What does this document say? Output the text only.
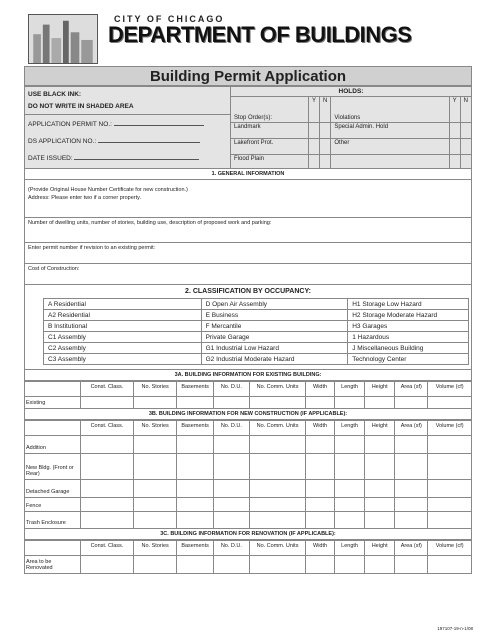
CITY OF CHICAGO
DEPARTMENT OF BUILDINGS
Building Permit Application
USE BLACK INK:
DO NOT WRITE IN SHADED AREA
APPLICATION PERMIT NO.:
DS APPLICATION NO.:
DATE ISSUED:	HOLDS:					
	Stop Order(s):	Y	N	Violations	Y	N
	Landmark			Special Admin. Hold		
	Lakefront Prot.			Other		
	Flood Plain					
1. GENERAL INFORMATION
(Provide Original House Number Certificate for new construction.)
Address: Please enter two if a corner property.
Number of dwelling units, number of stories, building use, description of proposed work and parking:
Enter permit number if revision to an existing permit:
Cost of Construction:
2. CLASSIFICATION BY OCCUPANCY:
A Residential	D Open Air Assembly	H1 Storage Low Hazard
A2 Residential	E Business	H2 Storage Moderate Hazard
B Institutional	F Mercantile	H3 Garages
C1 Assembly	Private Garage	1 Hazardous
C2 Assembly	G1 Industrial Low Hazard	J Miscellaneous Building
C3 Assembly	G2 Industrial Moderate Hazard	Technology Center
3A. BUILDING INFORMATION FOR EXISTING BUILDING:
	Const. Class.	No. Stories	Basements	No. D.U.	No. Comm. Units	Width	Length	Height	Area (sf)	Volume (cf)
Existing										
3B. BUILDING INFORMATION FOR NEW CONSTRUCTION (IF APPLICABLE):
	Const. Class.	No. Stories	Basements	No. D.U.	No. Comm. Units	Width	Length	Height	Area (sf)	Volume (cf)
Addition										
New Bldg. (Front or Rear)										
Detached Garage										
Fence										
Trash Enclosure										
3C. BUILDING INFORMATION FOR RENOVATION (IF APPLICABLE):
	Const. Class.	No. Stories	Basements	No. D.U.	No. Comm. Units	Width	Length	Height	Area (sf)	Volume (cf)
Area to be Renovated										
197107-19-n-1/08
